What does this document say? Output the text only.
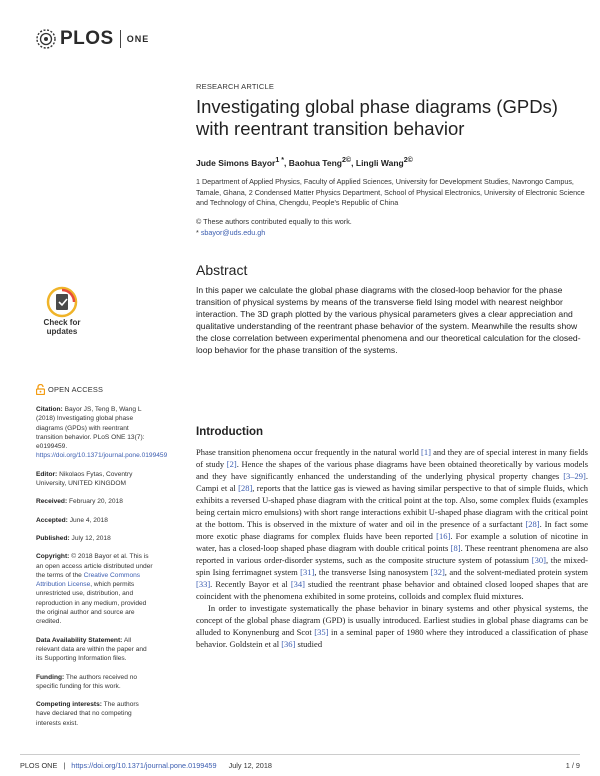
PLOS ONE
RESEARCH ARTICLE
Investigating global phase diagrams (GPDs) with reentrant transition behavior
Jude Simons Bayor$^{1 *}$, Baohua Teng$^{2©}$, Lingli Wang$^{2©}$
1 Department of Applied Physics, Faculty of Applied Sciences, University for Development Studies, Navrongo Campus, Tamale, Ghana, 2 Condensed Matter Physics Department, School of Physical Electronics, University of Electronic Science and Technology of China, Chengdu, People's Republic of China
© These authors contributed equally to this work.
* sbayor@uds.edu.gh
Check for updates
Abstract
In this paper we calculate the global phase diagrams with the closed-loop behavior for the phase transition of physical systems by means of the transverse field Ising model with nearest neighbor interaction. The 3D graph plotted by the various physical parameters gives a clear appreciation and qualitative understanding of the reentrant phase behavior of the system. Meanwhile the results show the close correlation between experimental phenomena and our theoretical calculation for the closed-loop behavior for the phase transition of the systems.
OPEN ACCESS

Citation: Bayor JS, Teng B, Wang L (2018) Investigating global phase diagrams (GPDs) with reentrant transition behavior. PLoS ONE 13(7): e0199459. https://doi.org/10.1371/journal.pone.0199459

Editor: Nikolaos Fytas, Coventry University, UNITED KINGDOM

Received: February 20, 2018

Accepted: June 4, 2018

Published: July 12, 2018

Copyright: © 2018 Bayor et al. This is an open access article distributed under the terms of the Creative Commons Attribution License, which permits unrestricted use, distribution, and reproduction in any medium, provided the original author and source are credited.

Data Availability Statement: All relevant data are within the paper and its Supporting Information files.

Funding: The authors received no specific funding for this work.

Competing interests: The authors have declared that no competing interests exist.

Introduction

Phase transition phenomena occur frequently in the natural world [1] and they are of special interest in many fields of study [2]. Hence the shapes of the various phase diagrams have been obtained theoretically by various models and they have significantly enhanced the understanding of the underlying physical property changes [3–29]. Campi et al [28], reports that the lattice gas is viewed as having similar perspective to that of simple fluids, which exhibits a reversed U-shaped phase diagram with the critical point at the top. Also, some complex fluids (examples being certain micro emulsions) with short range interactions exhibit U-shaped phase diagram with the critical point at the bottom. This is observed in the mixture of water and oil in the presence of a surfactant [28]. In fact some more exotic phase diagrams for complex fluids have been reported [16]. For example a solution of nicotine in water, has a closed-loop shaped phase diagram with double critical points [8]. These reentrant phenomena are also reported in various order-disorder systems, such as the composite structure system of potassium [30], the mixed-spin Ising ferrimagnet system [31], the transverse Ising nanosystem [32], and the solvent-mediated protein system [33]. Recently Bayor et al [34] studied the reentrant phase behavior and obtained closed looped shapes that are coincident with the phenomena exhibited in some proteins, colloids and complex fluid mixtures.

In order to investigate systematically the phase behavior in binary systems and other physical systems, the concept of the global phase diagram (GPD) is usually introduced. Earliest studies in global phase diagrams can be alluded to Konynenburg and Scot [35] in a seminal paper of 1980 where they introduced a classification of phase behavior. Goldstein et al [36] studied

PLOS ONE | https://doi.org/10.1371/journal.pone.0199459 July 12, 2018	1 / 9
